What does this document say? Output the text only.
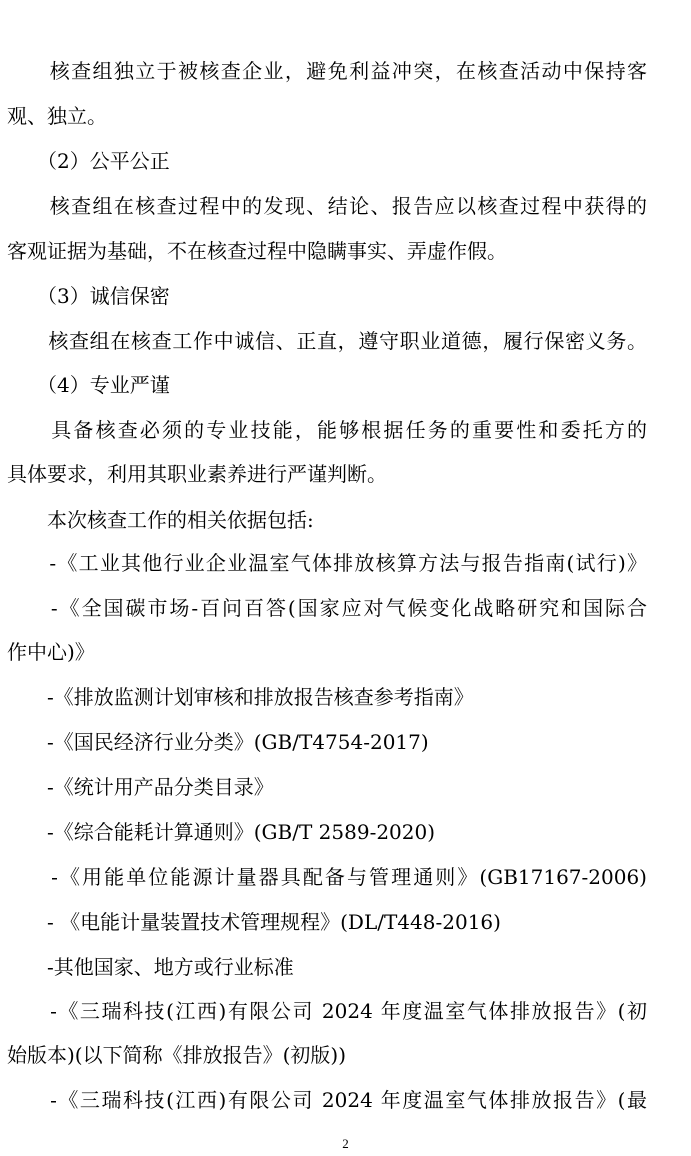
　　核查组独立于被核查企业，避免利益冲突，在核查活动中保持客
观、独立。
　　（2）公平公正
　　核查组在核查过程中的发现、结论、报告应以核查过程中获得的
客观证据为基础，不在核查过程中隐瞒事实、弄虚作假。
　　（3）诚信保密
　　核查组在核查工作中诚信、正直，遵守职业道德，履行保密义务。
　　（4）专业严谨
　　具备核查必须的专业技能，能够根据任务的重要性和委托方的
具体要求，利用其职业素养进行严谨判断。
　　本次核查工作的相关依据包括:
　　-《工业其他行业企业温室气体排放核算方法与报告指南(试行)》
　　-《全国碳市场-百问百答(国家应对气候变化战略研究和国际合
作中心)》
　　-《排放监测计划审核和排放报告核查参考指南》
　　-《国民经济行业分类》(GB/T4754-2017)
　　-《统计用产品分类目录》
　　-《综合能耗计算通则》(GB/T 2589-2020)
　　-《用能单位能源计量器具配备与管理通则》(GB17167-2006)
　　- 《电能计量装置技术管理规程》(DL/T448-2016)
　　-其他国家、地方或行业标准
　　-《三瑞科技(江西)有限公司 2024 年度温室气体排放报告》(初
始版本)(以下简称《排放报告》(初版))
　　-《三瑞科技(江西)有限公司 2024 年度温室气体排放报告》(最
2
